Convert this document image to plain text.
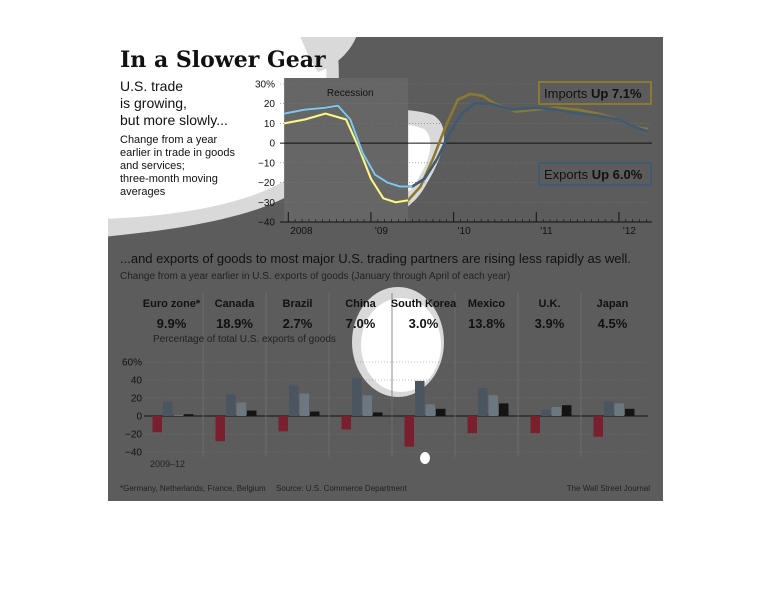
Recession
30%
20
10
0
−10
−20
−30
−40
2008	'09	'10	'11	'12
Imports Up 7.1%
Exports Up 6.0%
In a Slower Gear
U.S. trade
is growing,
but more slowly...
Change from a year
earlier in trade in goods
and services;
three-month moving
averages
...and exports of goods to most major U.S. trading partners are rising less rapidly as well.
Change from a year earlier in U.S. exports of goods (January through April of each year)
60%
40
20
0
−20
−40
Euro zone*
9.9%
Canada
18.9%
Brazil
2.7%
China
7.0%
South Korea
3.0%
Mexico
13.8%
U.K.
3.9%
Japan
4.5%
Percentage of total U.S. exports of goods
2009–12
*Germany, Netherlands, France, Belgium Source: U.S. Commerce Department	The Wall Street Journal
